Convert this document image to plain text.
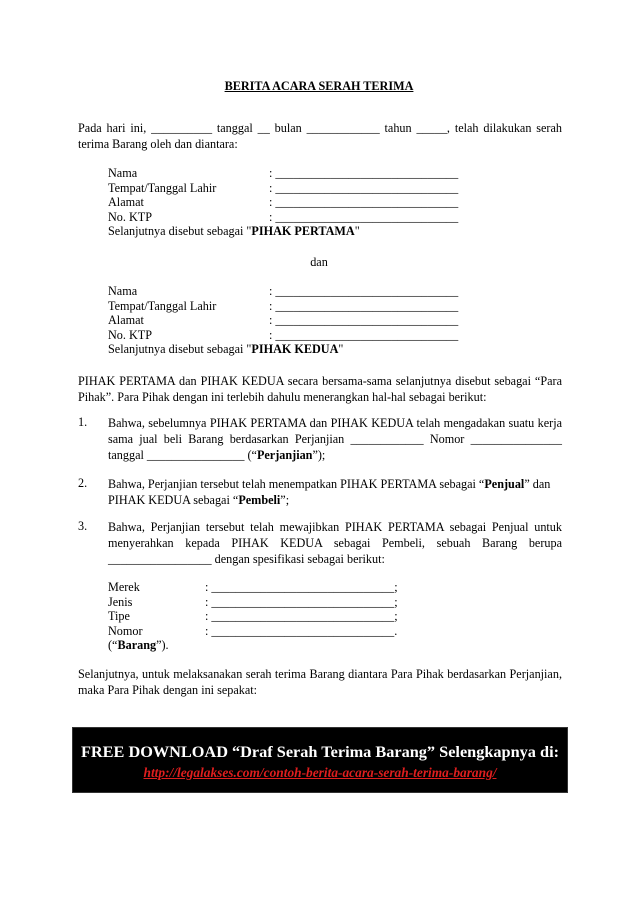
BERITA ACARA SERAH TERIMA
Pada hari ini, __________ tanggal __ bulan ____________ tahun _____, telah dilakukan serah terima Barang oleh dan diantara:
Nama	: ______________________________
Tempat/Tanggal Lahir	: ______________________________
Alamat	: ______________________________
No. KTP	: ______________________________
Selanjutnya disebut sebagai "PIHAK PERTAMA"
dan
Nama	: ______________________________
Tempat/Tanggal Lahir	: ______________________________
Alamat	: ______________________________
No. KTP	: ______________________________
Selanjutnya disebut sebagai "PIHAK KEDUA"
PIHAK PERTAMA dan PIHAK KEDUA secara bersama-sama selanjutnya disebut sebagai “Para Pihak”. Para Pihak dengan ini terlebih dahulu menerangkan hal-hal sebagai berikut:
1.	Bahwa, sebelumnya PIHAK PERTAMA dan PIHAK KEDUA telah mengadakan suatu kerja sama jual beli Barang berdasarkan Perjanjian ____________ Nomor _______________ tanggal ________________ (“Perjanjian”);
2.	Bahwa, Perjanjian tersebut telah menempatkan PIHAK PERTAMA sebagai “Penjual” dan PIHAK KEDUA sebagai “Pembeli”;
3.	Bahwa, Perjanjian tersebut telah mewajibkan PIHAK PERTAMA sebagai Penjual untuk menyerahkan kepada PIHAK KEDUA sebagai Pembeli, sebuah Barang berupa _________________ dengan spesifikasi sebagai berikut:
Merek	: ______________________________;
Jenis	: ______________________________;
Tipe	: ______________________________;
Nomor	: ______________________________.
(“Barang”).
Selanjutnya, untuk melaksanakan serah terima Barang diantara Para Pihak berdasarkan Perjanjian, maka Para Pihak dengan ini sepakat:
FREE DOWNLOAD “Draf Serah Terima Barang” Selengkapnya di:
http://legalakses.com/contoh-berita-acara-serah-terima-barang/
